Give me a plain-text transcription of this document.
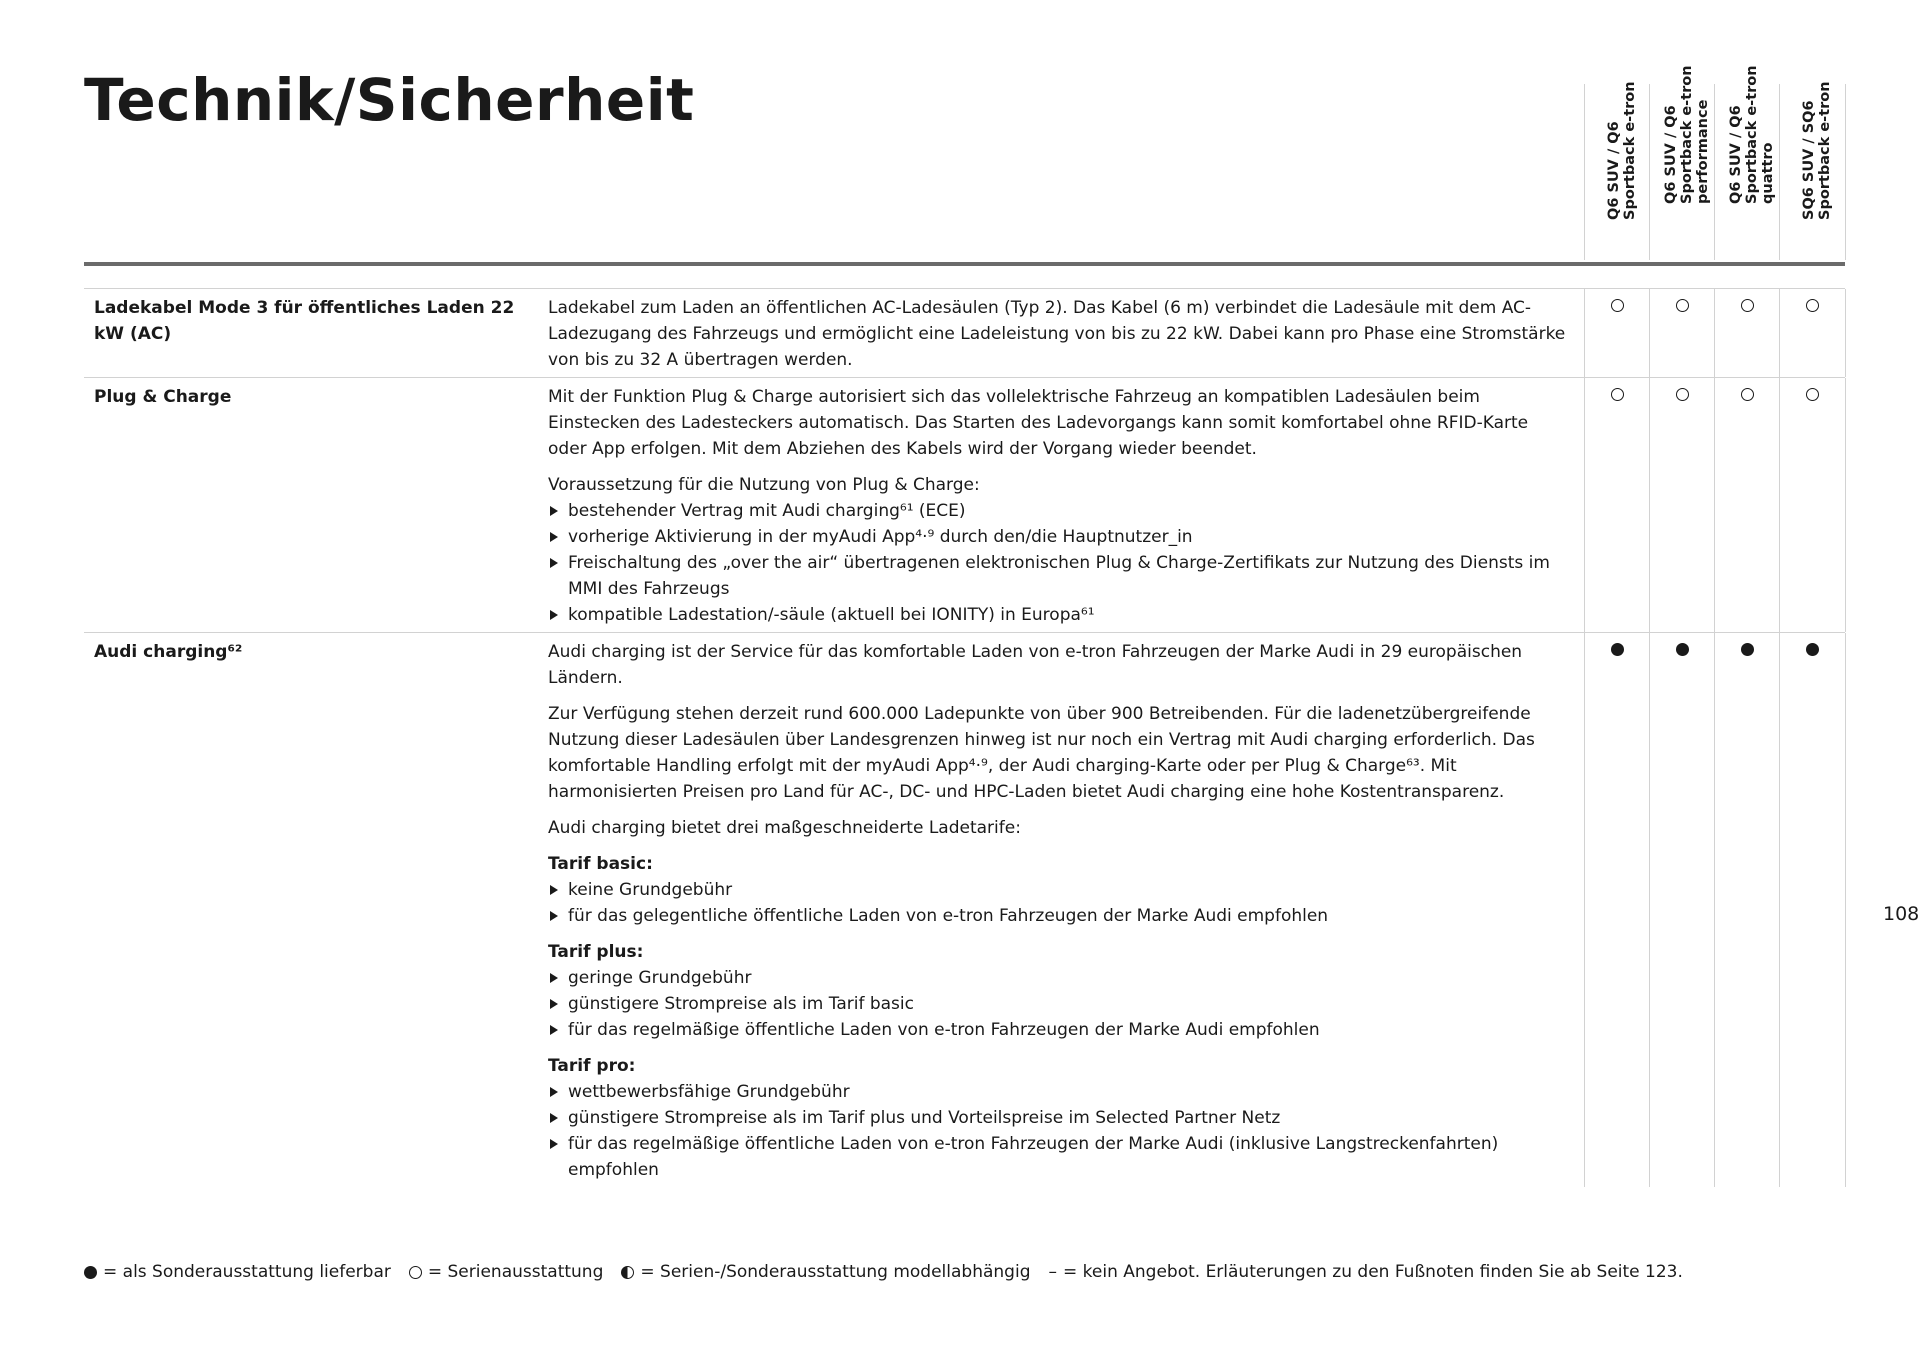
Technik/Sicherheit
Q6 SUV / Q6 Sportback e-tron Q6 SUV / Q6 Sportback e-tron performance Q6 SUV / Q6 Sportback e-tron quattro SQ6 SUV / SQ6 Sportback e-tron
Ladekabel Mode 3 für öffentliches Laden 22 kW (AC)

Ladekabel zum Laden an öffentlichen AC-Ladesäulen (Typ 2). Das Kabel (6 m) verbindet die Ladesäule mit dem AC-Ladezugang des Fahrzeugs und ermöglicht eine Ladeleistung von bis zu 22 kW. Dabei kann pro Phase eine Stromstärke von bis zu 32 A übertragen werden.

Plug & Charge	Mit der Funktion Plug & Charge autorisiert sich das vollelektrische Fahrzeug an kompatiblen Ladesäulen beim Einstecken des Ladesteckers automatisch. Das Starten des Ladevorgangs kann somit komfortabel ohne RFID-Karte oder App erfolgen. Mit dem Abziehen des Kabels wird der Vorgang wieder beendet.

Voraussetzung für die Nutzung von Plug & Charge:

bestehender Vertrag mit Audi charging⁶¹ (ECE)
vorherige Aktivierung in der myAudi App⁴·⁹ durch den/die Hauptnutzer_in
Freischaltung des „over the air“ übertragenen elektronischen Plug & Charge-Zertifikats zur Nutzung des Diensts im MMI des Fahrzeugs
kompatible Ladestation/-säule (aktuell bei IONITY) in Europa⁶¹
Audi charging⁶²	Audi charging ist der Service für das komfortable Laden von e-tron Fahrzeugen der Marke Audi in 29 europäischen Ländern.

Zur Verfügung stehen derzeit rund 600.000 Ladepunkte von über 900 Betreibenden. Für die ladenetzübergreifende Nutzung dieser Ladesäulen über Landesgrenzen hinweg ist nur noch ein Vertrag mit Audi charging erforderlich. Das komfortable Handling erfolgt mit der myAudi App⁴·⁹, der Audi charging-Karte oder per Plug & Charge⁶³. Mit harmonisierten Preisen pro Land für AC-, DC- und HPC-Laden bietet Audi charging eine hohe Kostentransparenz.

Audi charging bietet drei maßgeschneiderte Ladetarife:

Tarif basic:

keine Grundgebühr
für das gelegentliche öffentliche Laden von e-tron Fahrzeugen der Marke Audi empfohlen

Tarif plus:

geringe Grundgebühr
günstigere Strompreise als im Tarif basic
für das regelmäßige öffentliche Laden von e-tron Fahrzeugen der Marke Audi empfohlen

Tarif pro:

wettbewerbsfähige Grundgebühr
günstigere Strompreise als im Tarif plus und Vorteilspreise im Selected Partner Netz
für das regelmäßige öffentliche Laden von e-tron Fahrzeugen der Marke Audi (inklusive Langstreckenfahrten) empfohlen
108
= als Sonderausstattung lieferbar = Serienausstattung = Serien-/Sonderausstattung modellabhängig – = kein Angebot. Erläuterungen zu den Fußnoten finden Sie ab Seite 123.
